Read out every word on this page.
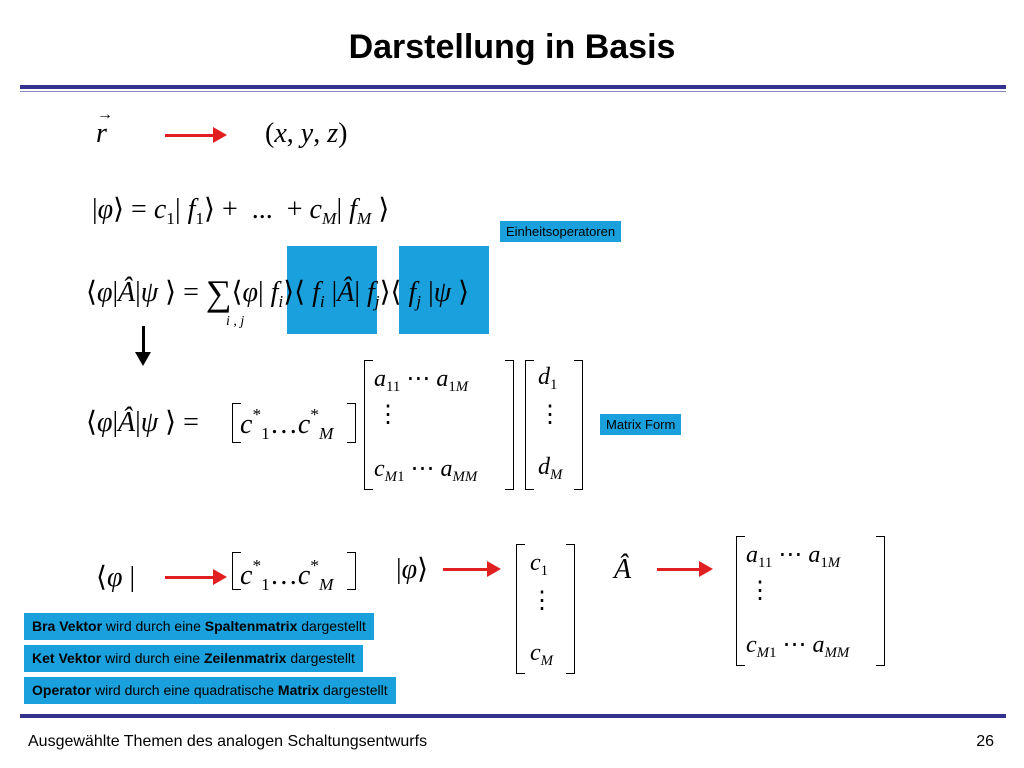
Darstellung in Basis
r
→
(x, y, z)
|φ⟩ = $c_1|$ $f_1⟩$ +  ...  + $c_M|$ $f_M$ ⟩
Einheitsoperatoren
⟨φ|Â|ψ ⟩ = ∑⟨φ| $f_i⟩⟨$ $f_i$ |Â| $f_j⟩⟨$ $f_j$ |ψ ⟩
i , j
⟨φ|Â|ψ ⟩ = $c^*_1\dots c^*_M$
$a_{11}$ ⋯ $a_{1M}$
⋮
$c_{M1}$ ⋯ $a_{MM}$
$d_1$
⋮
$d_M$
Matrix Form
⟨φ |	$c^*_1\dots c^*_M$ |φ⟩	$c_1$
⋮
$c_M$
Â	$a_{11}$ ⋯ $a_{1M}$
⋮
$c_{M1}$ ⋯ $a_{MM}$
Bra Vektor wird durch eine Spaltenmatrix dargestellt
Ket Vektor wird durch eine Zeilenmatrix dargestellt
Operator wird durch eine quadratische Matrix dargestellt
Ausgewählte Themen des analogen Schaltungsentwurfs	26
